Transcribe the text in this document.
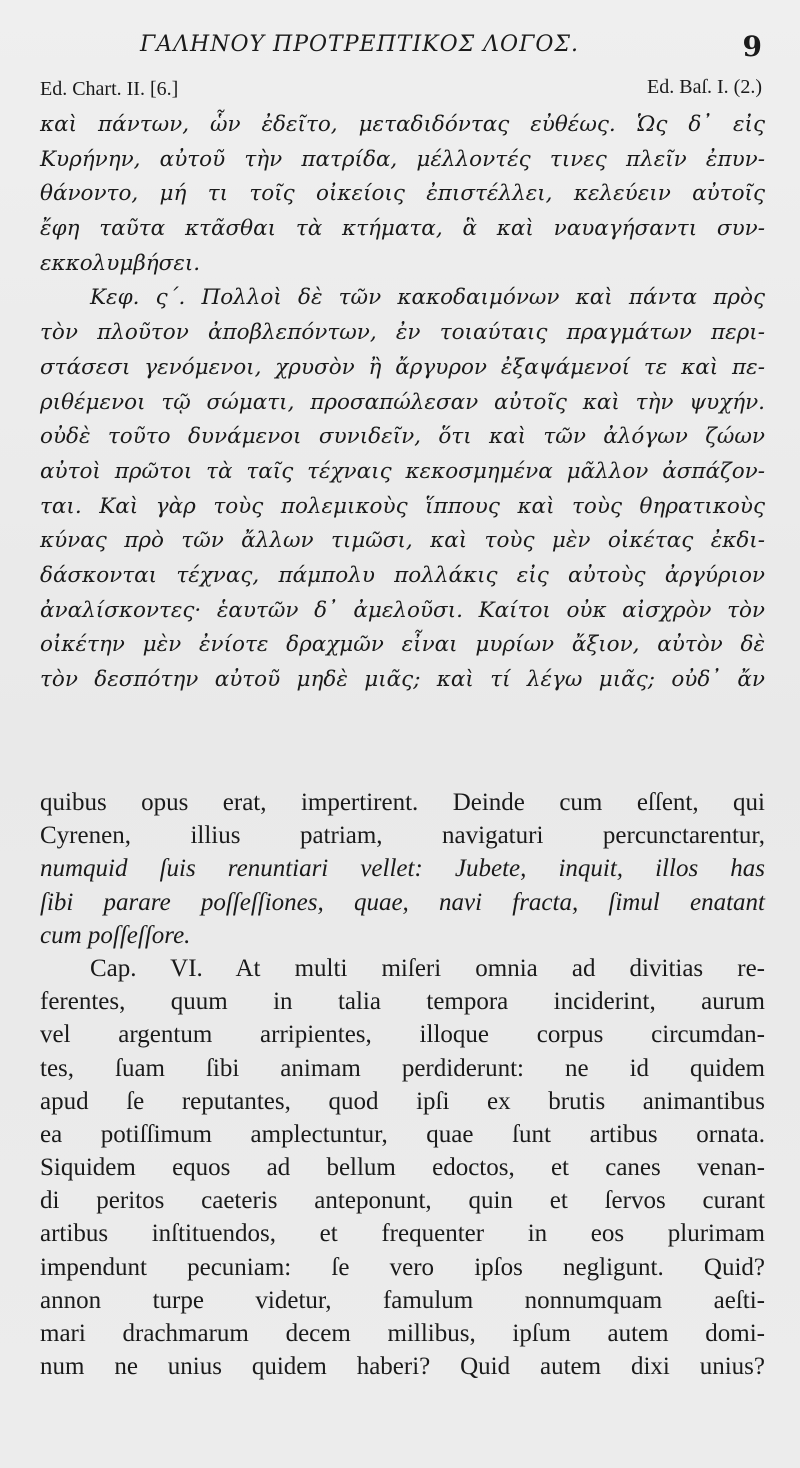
ΓΑΛΗΝΟΥ ΠΡΟΤΡΕΠΤΙΚΟΣ ΛΟΓΟΣ.	9
Ed. Chart. II. [6.]	Ed. Baſ. I. (2.)
καὶ πάντων, ὧν ἐδεῖτο, μεταδιδόντας εὐθέως. Ὡς δ᾽ εἰς
Κυρήνην, αὐτοῦ τὴν πατρίδα, μέλλοντές τινες πλεῖν ἐπυν-
θάνοντο, μή τι τοῖς οἰκείοις ἐπιστέλλει, κελεύειν αὐτοῖς
ἔφη ταῦτα κτᾶσθαι τὰ κτήματα, ἃ καὶ ναυαγήσαντι συν-
εκκολυμβήσει.
Κεφ. ς΄. Πολλοὶ δὲ τῶν κακοδαιμόνων καὶ πάντα πρὸς
τὸν πλοῦτον ἀποβλεπόντων, ἐν τοιαύταις πραγμάτων περι-
στάσεσι γενόμενοι, χρυσὸν ἢ ἄργυρον ἐξαψάμενοί τε καὶ πε-
ριθέμενοι τῷ σώματι, προσαπώλεσαν αὐτοῖς καὶ τὴν ψυχήν.
οὐδὲ τοῦτο δυνάμενοι συνιδεῖν, ὅτι καὶ τῶν ἀλόγων ζώων
αὐτοὶ πρῶτοι τὰ ταῖς τέχναις κεκοσμημένα μᾶλλον ἀσπάζον-
ται. Καὶ γὰρ τοὺς πολεμικοὺς ἵππους καὶ τοὺς θηρατικοὺς
κύνας πρὸ τῶν ἄλλων τιμῶσι, καὶ τοὺς μὲν οἰκέτας ἐκδι-
δάσκονται τέχνας, πάμπολυ πολλάκις εἰς αὐτοὺς ἀργύριον
ἀναλίσκοντες· ἑαυτῶν δ᾽ ἀμελοῦσι. Καίτοι οὐκ αἰσχρὸν τὸν
οἰκέτην μὲν ἐνίοτε δραχμῶν εἶναι μυρίων ἄξιον, αὐτὸν δὲ
τὸν δεσπότην αὐτοῦ μηδὲ μιᾶς; καὶ τί λέγω μιᾶς; οὐδ᾽ ἄν
quibus opus erat, impertirent. Deinde cum eſſent, qui
Cyrenen, illius patriam, navigaturi percunctarentur,
numquid ſuis renuntiari vellet: Jubete, inquit, illos has
ſibi parare poſſeſſiones, quae, navi fracta, ſimul enatant
cum poſſeſſore.
Cap. VI. At multi miſeri omnia ad divitias re-
ferentes, quum in talia tempora inciderint, aurum
vel argentum arripientes, illoque corpus circumdan-
tes, ſuam ſibi animam perdiderunt: ne id quidem
apud ſe reputantes, quod ipſi ex brutis animantibus
ea potiſſimum amplectuntur, quae ſunt artibus ornata.
Siquidem equos ad bellum edoctos, et canes venan-
di peritos caeteris anteponunt, quin et ſervos curant
artibus inſtituendos, et frequenter in eos plurimam
impendunt pecuniam: ſe vero ipſos negligunt. Quid?
annon turpe videtur, famulum nonnumquam aeſti-
mari drachmarum decem millibus, ipſum autem domi-
num ne unius quidem haberi? Quid autem dixi unius?
